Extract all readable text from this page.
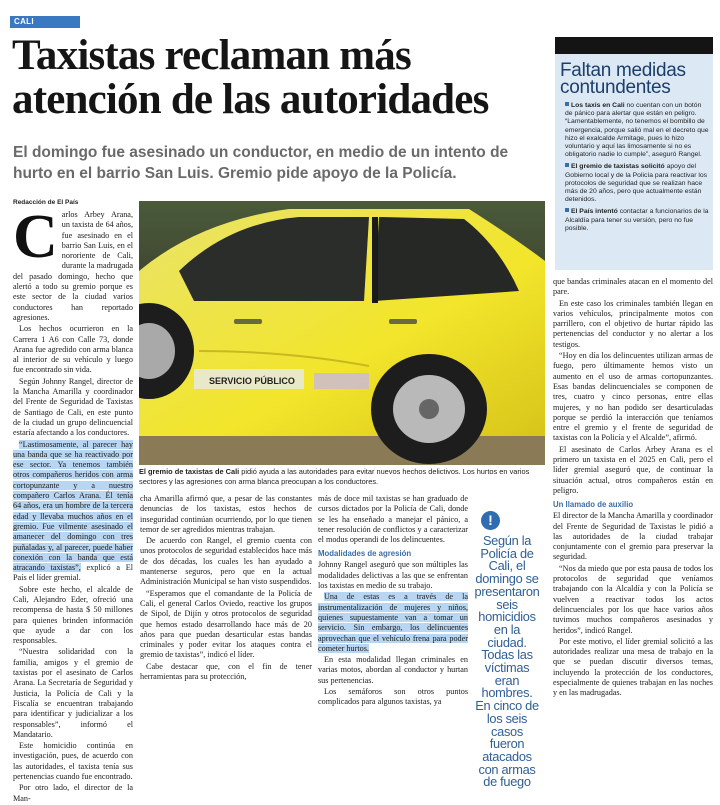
CALI
Taxistas reclaman más atención de las autoridades
El domingo fue asesinado un conductor, en medio de un intento de hurto en el barrio San Luis. Gremio pide apoyo de la Policía.
Redacción de El País
C arlos Arbey Arana, un taxista de 64 años, fue asesinado en el barrio San Luis, en el nororiente de Cali, durante la madrugada del pasado domingo, hecho que alertó a todo su gremio porque es este sector de la ciudad varios conductores han reportado agresiones.

Los hechos ocurrieron en la Carrera 1 A6 con Calle 73, donde Arana fue agredido con arma blanca al interior de su vehículo y luego fue encontrado sin vida.

Según Johnny Rangel, director de la Mancha Amarilla y coordinador del Frente de Seguridad de Taxistas de Santiago de Cali, en este punto de la ciudad un grupo delincuencial estaría afectando a los conductores.

“Lastimosamente, al parecer hay una banda que se ha reactivado por ese sector. Ya tenemos también otros compañeros heridos con arma cortopunzante y a nuestro compañero Carlos Arana. Él tenía 64 años, era un hombre de la tercera edad y llevaba muchos años en el gremio. Fue vilmente asesinado el amanecer del domingo con tres puñaladas y, al parecer, puede haber conexión con la banda que está atracando taxistas”, explicó a El País el líder gremial.

Sobre este hecho, el alcalde de Cali, Alejandro Eder, ofreció una recompensa de hasta $ 50 millones para quienes brinden información que ayude a dar con los responsables.

“Nuestra solidaridad con la familia, amigos y el gremio de taxistas por el asesinato de Carlos Arana. La Secretaría de Seguridad y Justicia, la Policía de Cali y la Fiscalía se encuentran trabajando para identificar y judicializar a los responsables”, informó el Mandatario.

Este homicidio continúa en investigación, pues, de acuerdo con las autoridades, el taxista tenía sus pertenencias cuando fue encontrado.

Por otro lado, el director de la Man-

SERVICIO PÚBLICO
El gremio de taxistas de Cali pidió ayuda a las autoridades para evitar nuevos hechos delictivos. Los hurtos en varios sectores y las agresiones con arma blanca preocupan a los conductores.

cha Amarilla afirmó que, a pesar de las constantes denuncias de los taxistas, estos hechos de inseguridad continúan ocurriendo, por lo que tienen temor de ser agredidos mientras trabajan.

De acuerdo con Rangel, el gremio cuenta con unos protocolos de seguridad establecidos hace más de dos décadas, los cuales les han ayudado a mantenerse seguros, pero que en la actual Administración Municipal se han visto suspendidos.

“Esperamos que el comandante de la Policía de Cali, el general Carlos Oviedo, reactive los grupos de Sipol, de Dijín y otros protocolos de seguridad que hemos estado desarrollando hace más de 20 años para que puedan desarticular estas bandas criminales y poder evitar los ataques contra el gremio de taxistas”, indicó el líder.

Cabe destacar que, con el fin de tener herramientas para su protección,

más de doce mil taxistas se han graduado de cursos dictados por la Policía de Cali, donde se les ha enseñado a manejar el pánico, a tener resolución de conflictos y a caracterizar el modus operandi de los delincuentes.

Modalidades de agresión

Johnny Rangel aseguró que son múltiples las modalidades delictivas a las que se enfrentan los taxistas en medio de su trabajo.

Una de estas es a través de la instrumentalización de mujeres y niños, quienes supuestamente van a tomar un servicio. Sin embargo, los delincuentes aprovechan que el vehículo frena para poder cometer hurtos.

En esta modalidad llegan criminales en varias motos, abordan al conductor y hurtan sus pertenencias.

Los semáforos son otros puntos complicados para algunos taxistas, ya

!
Según la Policía de Cali, el domingo se presentaron seis homicidios en la ciudad. Todas las víctimas eran hombres. En cinco de los seis casos fueron atacados con armas de fuego
Faltan medidas contundentes

Los taxis en Cali no cuentan con un botón de pánico para alertar que están en peligro. “Lamentablemente, no tenemos el bombillo de emergencia, porque salió mal en el decreto que hizo el exalcalde Armitage, pues lo hizo voluntario y aquí las limosamente si no es obligatorio nadie lo cumple”, aseguró Rangel.

El gremio de taxistas solicitó apoyo del Gobierno local y de la Policía para reactivar los protocolos de seguridad que se realizan hace más de 20 años, pero que actualmente están detenidos.

El País intentó contactar a funcionarios de la Alcaldía para tener su versión, pero no fue posible.

que bandas criminales atacan en el momento del pare.

En este caso los criminales también llegan en varios vehículos, principalmente motos con parrillero, con el objetivo de hurtar rápido las pertenencias del conductor y no alertar a los testigos.

“Hoy en día los delincuentes utilizan armas de fuego, pero últimamente hemos visto un aumento en el uso de armas cortopunzantes. Esas bandas delincuenciales se componen de tres, cuatro y cinco personas, entre ellas mujeres, y no han podido ser desarticuladas porque se perdió la interacción que teníamos entre el gremio y el frente de seguridad de taxistas con la Policía y el Alcalde”, afirmó.

El asesinato de Carlos Arbey Arana es el primero un taxista en el 2025 en Cali, pero el líder gremial aseguró que, de continuar la situación actual, otros compañeros están en peligro.

Un llamado de auxilio

El director de la Mancha Amarilla y coordinador del Frente de Seguridad de Taxistas le pidió a las autoridades de la ciudad trabajar conjuntamente con el gremio para preservar la seguridad.

“Nos da miedo que por esta pausa de todos los protocolos de seguridad que veníamos trabajando con la Alcaldía y con la Policía se vuelven a reactivar todos los actos delincuenciales por los que hace varios años tuvimos muchos compañeros asesinados y heridos”, indicó Rangel.

Por este motivo, el líder gremial solicitó a las autoridades realizar una mesa de trabajo en la que se puedan discutir diversos temas, incluyendo la protección de los conductores, especialmente de quienes trabajan en las noches y en las madrugadas.
